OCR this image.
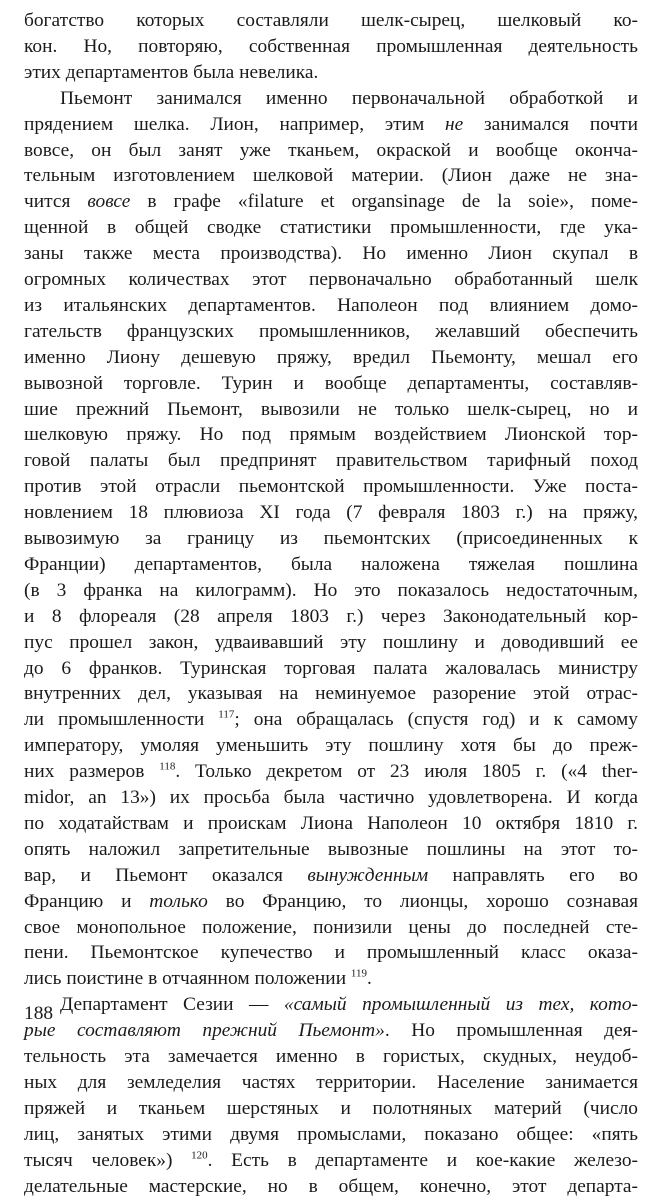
богатство которых составляли шелк-сырец, шелковый ко-
кон. Но, повторяю, собственная промышленная деятельность
этих департаментов была невелика.
Пьемонт занимался именно первоначальной обработкой и
прядением шелка. Лион, например, этим не занимался почти
вовсе, он был занят уже тканьем, окраской и вообще оконча-
тельным изготовлением шелковой материи. (Лион даже не зна-
чится вовсе в графе «filature et organsinage de la soie», поме-
щенной в общей сводке статистики промышленности, где ука-
заны также места производства). Но именно Лион скупал в
огромных количествах этот первоначально обработанный шелк
из итальянских департаментов. Наполеон под влиянием домо-
гательств французских промышленников, желавший обеспечить
именно Лиону дешевую пряжу, вредил Пьемонту, мешал его
вывозной торговле. Турин и вообще департаменты, составляв-
шие прежний Пьемонт, вывозили не только шелк-сырец, но и
шелковую пряжу. Но под прямым воздействием Лионской тор-
говой палаты был предпринят правительством тарифный поход
против этой отрасли пьемонтской промышленности. Уже поста-
новлением 18 плювиоза XI года (7 февраля 1803 г.) на пряжу,
вывозимую за границу из пьемонтских (присоединенных к
Франции) департаментов, была наложена тяжелая пошлина
(в 3 франка на килограмм). Но это показалось недостаточным,
и 8 флореаля (28 апреля 1803 г.) через Законодательный кор-
пус прошел закон, удваивавший эту пошлину и доводивший ее
до 6 франков. Туринская торговая палата жаловалась министру
внутренних дел, указывая на неминуемое разорение этой отрас-
ли промышленности $^{117}$; она обращалась (спустя год) и к самому
императору, умоляя уменьшить эту пошлину хотя бы до преж-
них размеров $^{118}$. Только декретом от 23 июля 1805 г. («4 ther-
midor, an 13») их просьба была частично удовлетворена. И когда
по ходатайствам и проискам Лиона Наполеон 10 октября 1810 г.
опять наложил запретительные вывозные пошлины на этот то-
вар, и Пьемонт оказался вынужденным направлять его во
Францию и только во Францию, то лионцы, хорошо сознавая
свое монопольное положение, понизили цены до последней сте-
пени. Пьемонтское купечество и промышленный класс оказа-
лись поистине в отчаянном положении $^{119}$.
Департамент Сезии — «самый промышленный из тех, кото-
рые составляют прежний Пьемонт». Но промышленная дея-
тельность эта замечается именно в гористых, скудных, неудоб-
ных для земледелия частях территории. Население занимается
пряжей и тканьем шерстяных и полотняных материй (число
лиц, занятых этими двумя промыслами, показано общее: «пять
тысяч человек») $^{120}$. Есть в департаменте и кое-какие железо-
делательные мастерские, но в общем, конечно, этот департа-
188
